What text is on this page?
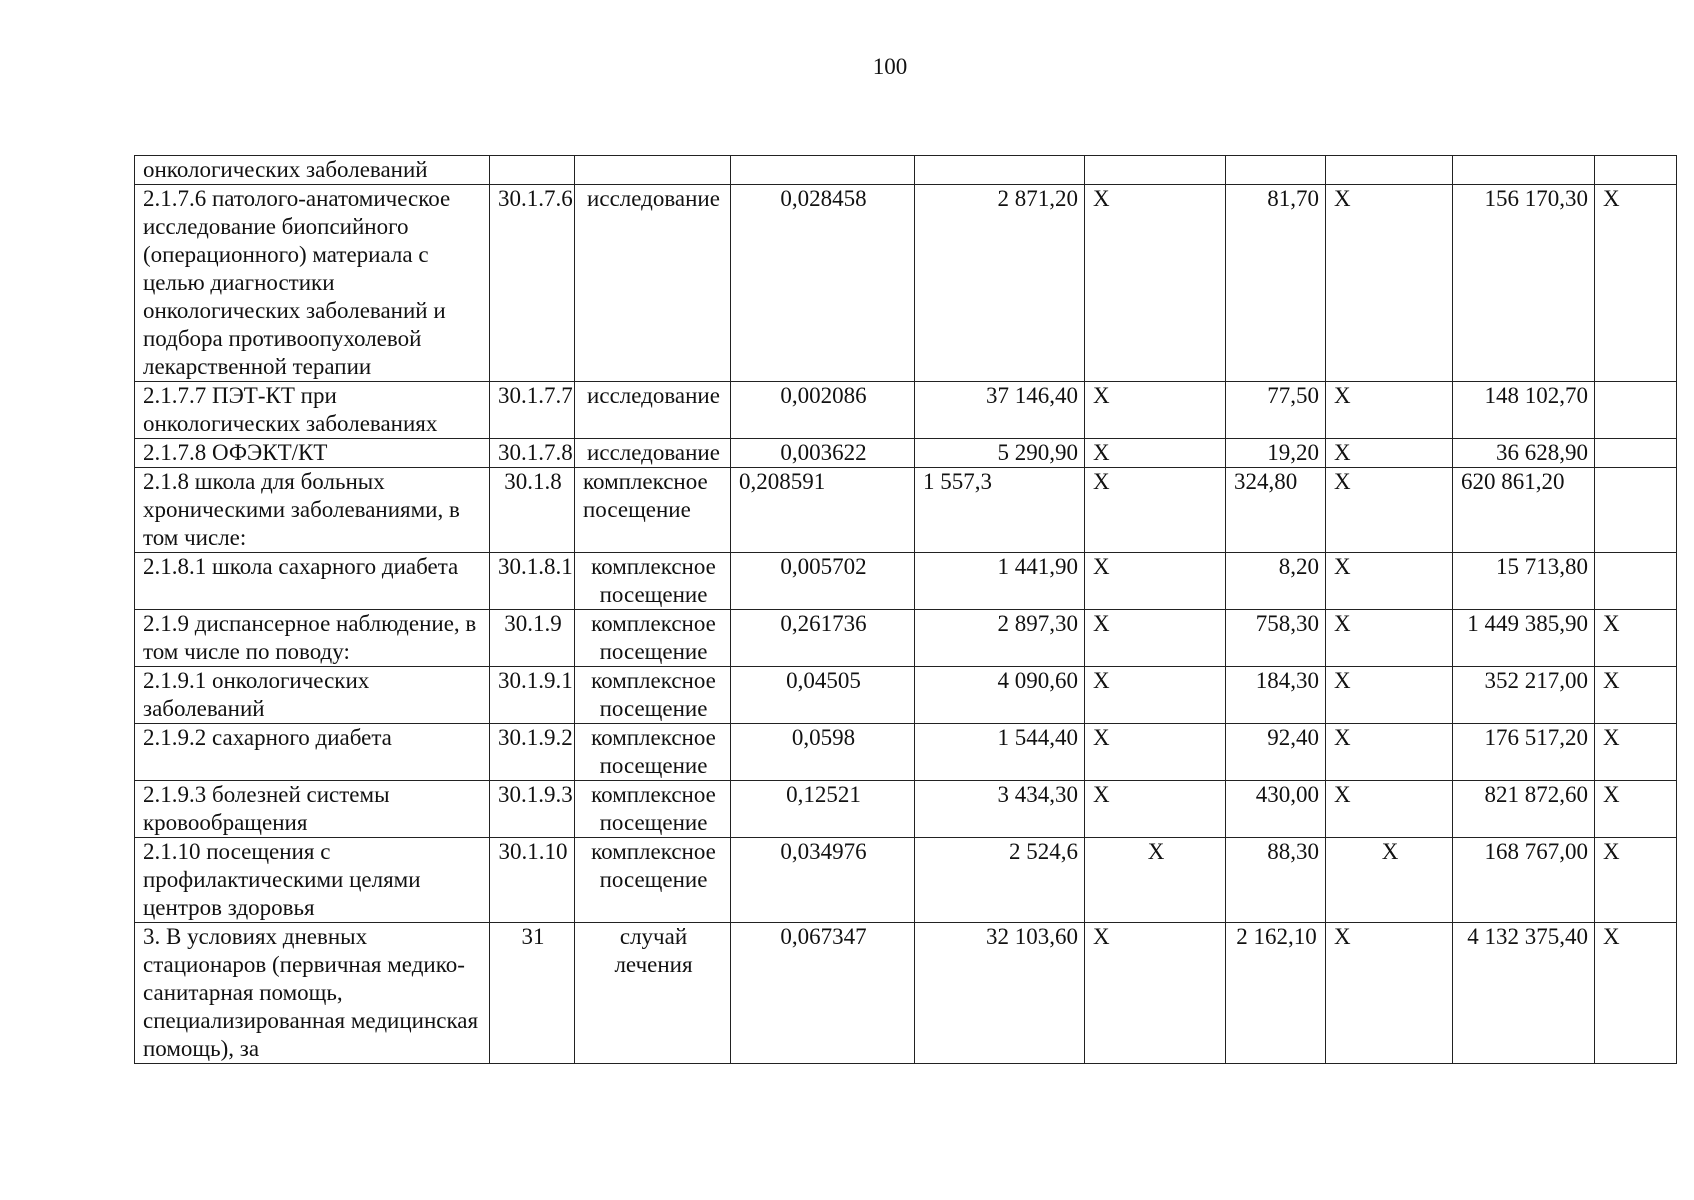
100
онкологических заболеваний									
2.1.7.6 патолого-анатомическое исследование биопсийного (операционного) материала с целью диагностики онкологических заболеваний и подбора противоопухолевой лекарственной терапии	30.1.7.6	исследование	0,028458	2 871,20	Х	81,70	Х	156 170,30	Х
2.1.7.7 ПЭТ-КТ при онкологических заболеваниях	30.1.7.7	исследование	0,002086	37 146,40	Х	77,50	Х	148 102,70	
2.1.7.8 ОФЭКТ/КТ	30.1.7.8	исследование	0,003622	5 290,90	Х	19,20	Х	36 628,90	
2.1.8 школа для больных хроническими заболеваниями, в том числе:	30.1.8	комплексное посещение	0,208591	1 557,3	Х	324,80	Х	620 861,20	
2.1.8.1 школа сахарного диабета	30.1.8.1	комплексное посещение	0,005702	1 441,90	Х	8,20	Х	15 713,80	
2.1.9 диспансерное наблюдение, в том числе по поводу:	30.1.9	комплексное посещение	0,261736	2 897,30	Х	758,30	Х	1 449 385,90	Х
2.1.9.1 онкологических заболеваний	30.1.9.1	комплексное посещение	0,04505	4 090,60	Х	184,30	Х	352 217,00	Х
2.1.9.2 сахарного диабета	30.1.9.2	комплексное посещение	0,0598	1 544,40	Х	92,40	Х	176 517,20	Х
2.1.9.3 болезней системы кровообращения	30.1.9.3	комплексное посещение	0,12521	3 434,30	Х	430,00	Х	821 872,60	Х
2.1.10 посещения с профилактическими целями центров здоровья	30.1.10	комплексное посещение	0,034976	2 524,6	Х	88,30	Х	168 767,00	Х
3. В условиях дневных стационаров (первичная медико-санитарная помощь, специализированная медицинская помощь), за	31	случай лечения	0,067347	32 103,60	Х	2 162,10	Х	4 132 375,40	Х
